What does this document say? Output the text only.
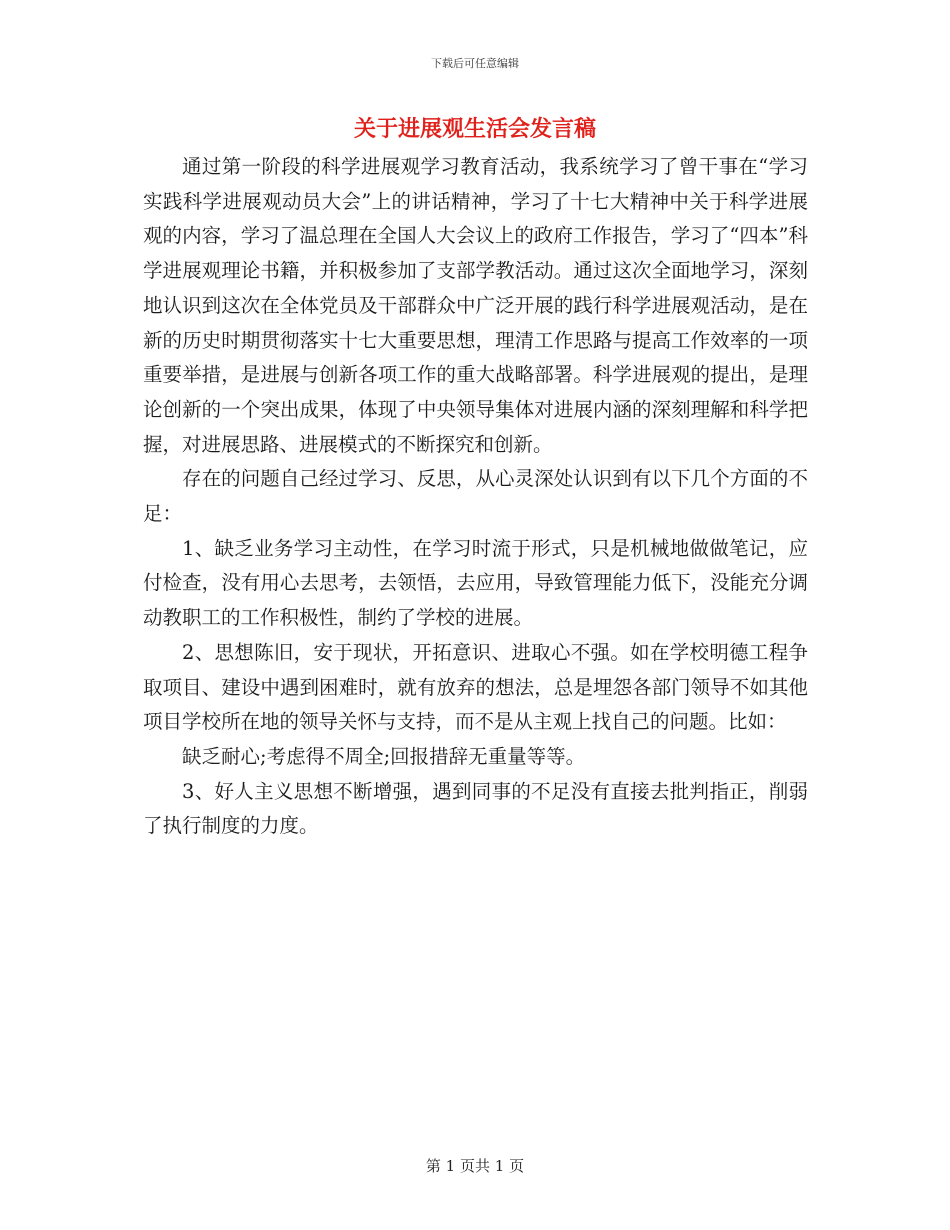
下载后可任意编辑
关于进展观生活会发言稿

通过第一阶段的科学进展观学习教育活动，我系统学习了曾干事在“学习实践科学进展观动员大会”上的讲话精神，学习了十七大精神中关于科学进展观的内容，学习了温总理在全国人大会议上的政府工作报告，学习了“四本”科学进展观理论书籍，并积极参加了支部学教活动。通过这次全面地学习，深刻地认识到这次在全体党员及干部群众中广泛开展的践行科学进展观活动，是在新的历史时期贯彻落实十七大重要思想，理清工作思路与提高工作效率的一项重要举措，是进展与创新各项工作的重大战略部署。科学进展观的提出，是理论创新的一个突出成果，体现了中央领导集体对进展内涵的深刻理解和科学把握，对进展思路、进展模式的不断探究和创新。

存在的问题自己经过学习、反思，从心灵深处认识到有以下几个方面的不足：

1、缺乏业务学习主动性，在学习时流于形式，只是机械地做做笔记，应付检查，没有用心去思考，去领悟，去应用，导致管理能力低下，没能充分调动教职工的工作积极性，制约了学校的进展。

2、思想陈旧，安于现状，开拓意识、进取心不强。如在学校明德工程争取项目、建设中遇到困难时，就有放弃的想法，总是埋怨各部门领导不如其他项目学校所在地的领导关怀与支持，而不是从主观上找自己的问题。比如：

缺乏耐心;考虑得不周全;回报措辞无重量等等。

3、好人主义思想不断增强，遇到同事的不足没有直接去批判指正，削弱了执行制度的力度。

第 1 页共 1 页
